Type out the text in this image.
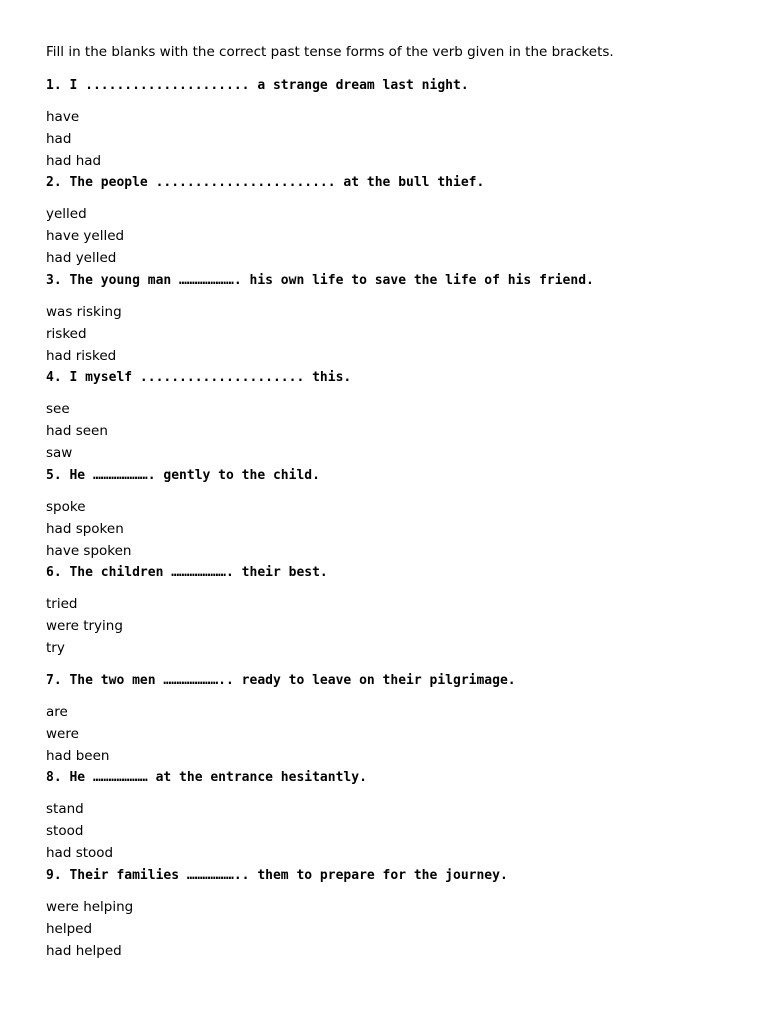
Fill in the blanks with the correct past tense forms of the verb given in the brackets.
1. I ..................... a strange dream last night.
have
had
had had
2. The people ....................... at the bull thief.
yelled
have yelled
had yelled
3. The young man …………………. his own life to save the life of his friend.
was risking
risked
had risked
4. I myself ..................... this.
see
had seen
saw
5. He …………………. gently to the child.
spoke
had spoken
have spoken
6. The children …………………. their best.
tried
were trying
try
7. The two men ………………….. ready to leave on their pilgrimage.
are
were
had been
8. He ………………… at the entrance hesitantly.
stand
stood
had stood
9. Their families ……………….. them to prepare for the journey.
were helping
helped
had helped
